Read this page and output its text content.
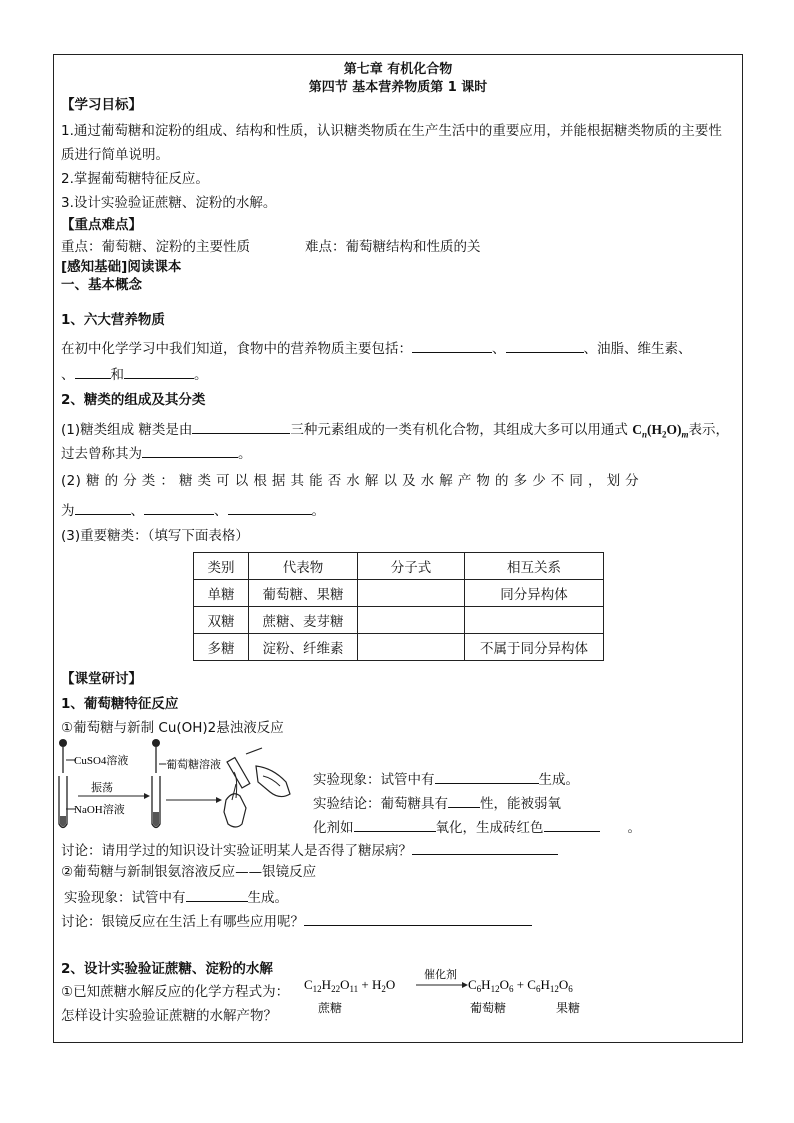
第七章 有机化合物
第四节 基本营养物质第 1 课时
【学习目标】
1.通过葡萄糖和淀粉的组成、结构和性质，认识糖类物质在生产生活中的重要应用，并能根据糖类物质的主要性
质进行简单说明。
2.掌握葡萄糖特征反应。
3.设计实验验证蔗糖、淀粉的水解。
【重点难点】
重点：葡萄糖、淀粉的主要性质	难点：葡萄糖结构和性质的关
[感知基础]阅读课本
一、基本概念
1、六大营养物质
在初中化学学习中我们知道，食物中的营养物质主要包括：	、	、油脂、维生素、
、	和	。
2、糖类的组成及其分类
(1)糖类组成 糖类是由	三种元素组成的一类有机化合物，其组成大多可以用通式 $C_n(H_2O)_m$表示，
过去曾称其为	。
(2) 糖 的 分 类 ： 糖 类 可 以 根 据 其 能 否 水 解 以 及 水 解 产 物 的 多 少 不 同 ， 划 分
为	、	、	。
(3)重要糖类：（填写下面表格）
类别	代表物	分子式	相互关系
单糖	葡萄糖、果糖		同分异构体
双糖	蔗糖、麦芽糖		
多糖	淀粉、纤维素		不属于同分异构体
【课堂研讨】
1、葡萄糖特征反应
①葡萄糖与新制 Cu(OH)2悬浊液反应
CuSO4溶液
NaOH溶液
振荡
葡萄糖溶液
实验现象：试管中有	生成。
实验结论：葡萄糖具有 性，能被弱氧
化剂如	氧化，生成砖红色	。
讨论：请用学过的知识设计实验证明某人是否得了糖尿病？
②葡萄糖与新制银氨溶液反应——银镜反应
实验现象：试管中有	生成。
讨论：银镜反应在生活上有哪些应用呢？
2、设计实验验证蔗糖、淀粉的水解
①已知蔗糖水解反应的化学方程式为：
怎样设计实验验证蔗糖的水解产物？
$C_{12}H_{22}O_{11} + H_2O$
催化剂
$C_6H_{12}O_6 + C_6H_{12}O_6$
蔗糖	葡萄糖	果糖
